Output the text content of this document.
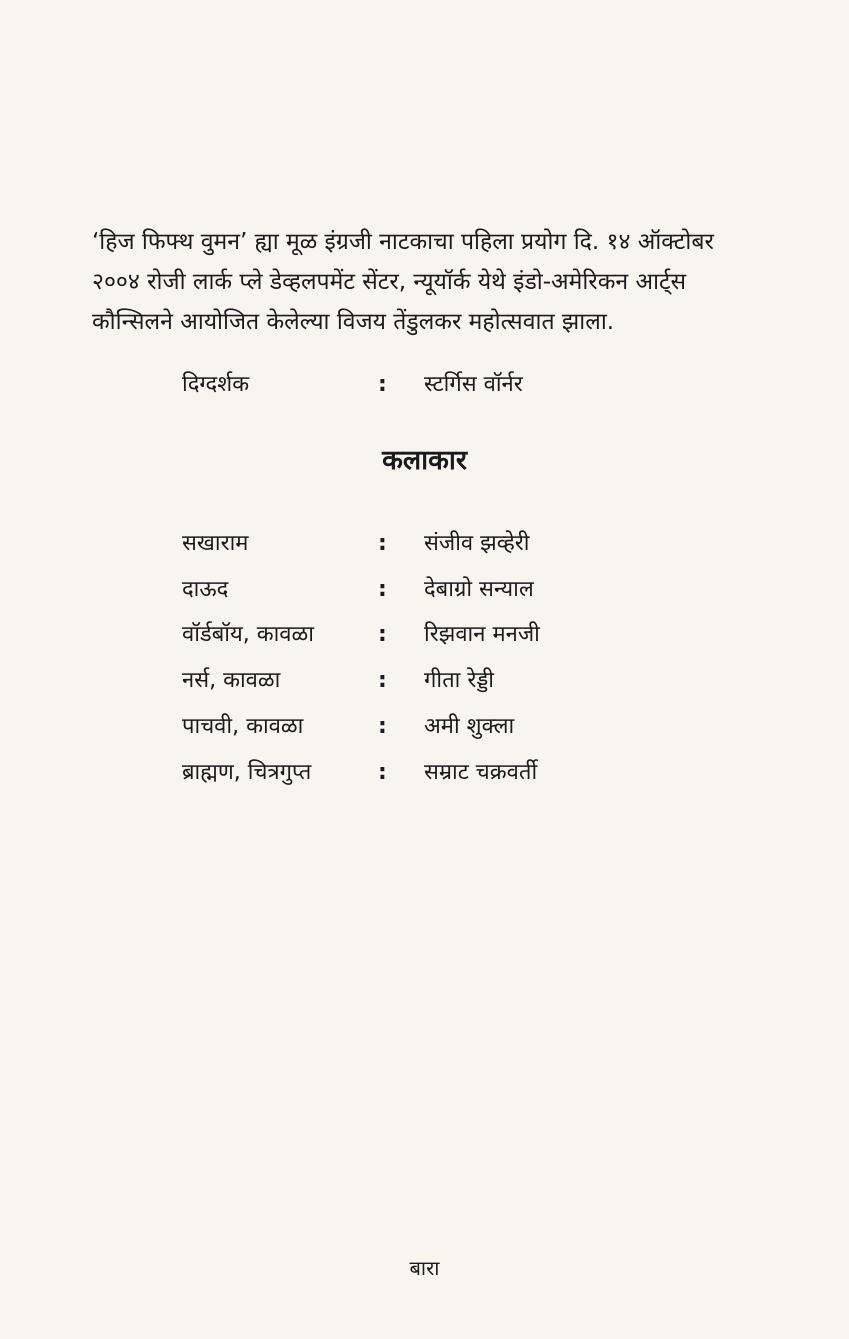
‘हिज फिफ्थ वुमन’ ह्या मूळ इंग्रजी नाटकाचा पहिला प्रयोग दि. १४ ऑक्टोबर
२००४ रोजी लार्क प्ले डेव्हलपमेंट सेंटर, न्यूयॉर्क येथे इंडो-अमेरिकन आर्ट्स
कौन्सिलने आयोजित केलेल्या विजय तेंडुलकर महोत्सवात झाला.
दिग्दर्शक	: स्टर्गिस वॉर्नर
कलाकार
सखाराम	: संजीव झव्हेरी
दाऊद	: देबाग्रो सन्याल
वॉर्डबॉय, कावळा	: रिझवान मनजी
नर्स, कावळा	: गीता रेड्डी
पाचवी, कावळा	: अमी शुक्ला
ब्राह्मण, चित्रगुप्त	: सम्राट चक्रवर्ती
बारा
